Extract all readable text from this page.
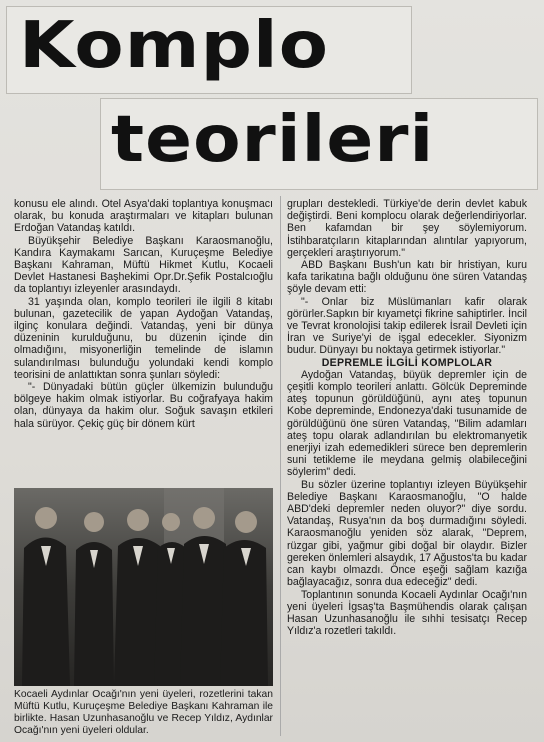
Komplo
teorileri

konusu ele alındı. Otel Asya'daki toplantıya konuşmacı olarak, bu konuda araştırmaları ve kitapları bulunan Erdoğan Vatandaş katıldı.

Büyükşehir Belediye Başkanı Karaosmanoğlu, Kandıra Kaymakamı Sarıcan, Kuruçeşme Belediye Başkanı Kahraman, Müftü Hikmet Kutlu, Kocaeli Devlet Hastanesi Başhekimi Opr.Dr.Şefik Postalcıoğlu da toplantıyı izleyenler arasındaydı.

31 yaşında olan, komplo teorileri ile ilgili 8 kitabı bulunan, gazetecilik de yapan Aydoğan Vatandaş, ilginç konulara değindi. Vatandaş, yeni bir dünya düzeninin kurulduğunu, bu düzenin içinde din olmadığını, misyonerliğin temelinde de islamın sulandırılması bulunduğu yolundaki kendi komplo teorisini de anlattıktan sonra şunları söyledi:

"- Dünyadaki bütün güçler ülkemizin bulunduğu bölgeye hakim olmak istiyorlar. Bu coğrafyaya hakim olan, dünyaya da hakim olur. Soğuk savaşın etkileri hala sürüyor. Çekiç güç bir dönem kürt

Kocaeli Aydınlar Ocağı'nın yeni üyeleri, rozetlerini takan Müftü Kutlu, Kuruçeşme Belediye Başkanı Kahraman ile birlikte. Hasan Uzunhasanoğlu ve Recep Yıldız, Aydınlar Ocağı'nın yeni üyeleri oldular.

grupları destekledi. Türkiye'de derin devlet kabuk değiştirdi. Beni komplocu olarak değerlendiriyorlar. Ben kafamdan bir şey söylemiyorum. İstihbaratçıların kitaplarından alıntılar yapıyorum, gerçekleri araştırıyorum."

ABD Başkanı Bush'un katı bir hristiyan, kuru kafa tarikatına bağlı olduğunu öne süren Vatandaş şöyle devam etti:

"- Onlar biz Müslümanları kafir olarak görürler.Sapkın bir kıyametçi fikrine sahiptirler. İncil ve Tevrat kronolojisi takip edilerek İsrail Devleti için İran ve Suriye'yi de işgal edecekler. Siyonizm budur. Dünyayı bu noktaya getirmek istiyorlar."

DEPREMLE İLGİLİ KOMPLOLAR

Aydoğan Vatandaş, büyük depremler için de çeşitli komplo teorileri anlattı. Gölcük Depreminde ateş topunun görüldüğünü, aynı ateş topunun Kobe depreminde, Endonezya'daki tusunamide de görüldüğünü öne süren Vatandaş, "Bilim adamları ateş topu olarak adlandırılan bu elektromanyetik enerjiyi izah edemedikleri sürece ben depremlerin suni tetikleme ile meydana gelmiş olabileceğini söylerim" dedi.

Bu sözler üzerine toplantıyı izleyen Büyükşehir Belediye Başkanı Karaosmanoğlu, "O halde ABD'deki depremler neden oluyor?" diye sordu. Vatandaş, Rusya'nın da boş durmadığını söyledi. Karaosmanoğlu yeniden söz alarak, "Deprem, rüzgar gibi, yağmur gibi doğal bir olaydır. Bizler gereken önlemleri alsaydık, 17 Ağustos'ta bu kadar can kaybı olmazdı. Önce eşeği sağlam kazığa bağlayacağız, sonra dua edeceğiz" dedi.

Toplantının sonunda Kocaeli Aydınlar Ocağı'nın yeni üyeleri İgsaş'ta Başmühendis olarak çalışan Hasan Uzunhasanoğlu ile sıhhi tesisatçı Recep Yıldız'a rozetleri takıldı.
